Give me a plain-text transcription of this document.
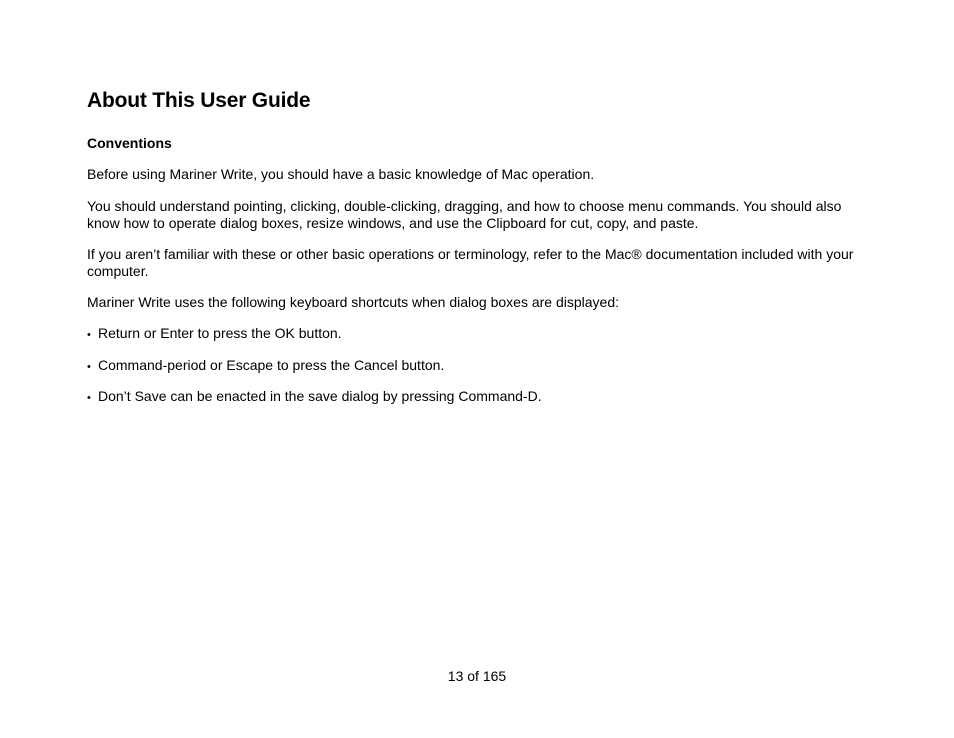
About This User Guide
Conventions

Before using Mariner Write, you should have a basic knowledge of Mac operation.

You should understand pointing, clicking, double-clicking, dragging, and how to choose menu commands. You should also know how to operate dialog boxes, resize windows, and use the Clipboard for cut, copy, and paste.

If you aren’t familiar with these or other basic operations or terminology, refer to the Mac® documentation included with your computer.

Mariner Write uses the following keyboard shortcuts when dialog boxes are displayed:

• Return or Enter to press the OK button.
• Command-period or Escape to press the Cancel button.
• Don’t Save can be enacted in the save dialog by pressing Command-D.
13 of 165
